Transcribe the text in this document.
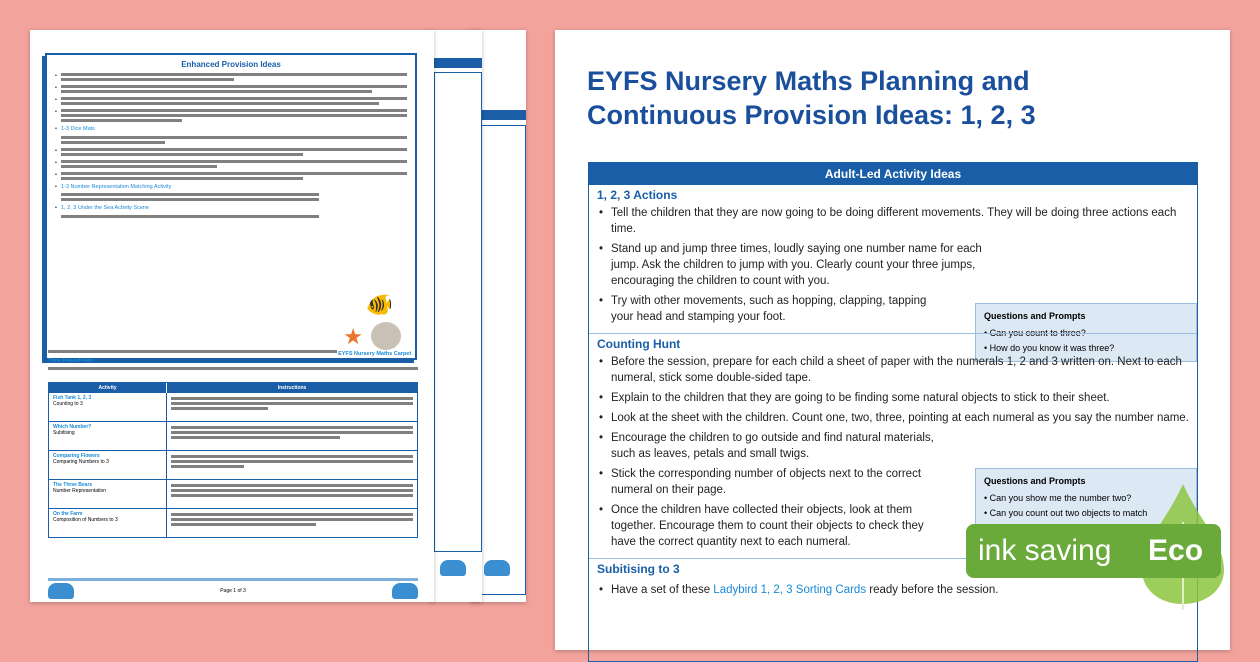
Enhanced Provision Ideas
•
•
•
•
• 1-3 Dice Mats
•
•
•
• 1-3 Number Representation Matching Activity
• 1, 2, 3 Under the Sea Activity Scene
🐠
★
EYFS Nursery Maths Carpet Time PowerPoint
Activity	Instructions
Fish Tank 1, 2, 3
Counting to 3
Which Number?
Subitising
Comparing Flowers
Comparing Numbers to 3
The Three Bears
Number Representation
On the Farm
Composition of Numbers to 3
Page 1 of 3
EYFS Nursery Maths Planning and
Continuous Provision Ideas: 1, 2, 3
Adult-Led Activity Ideas
1, 2, 3 Actions
• Tell the children that they are now going to be doing different movements. They will be doing three actions each time.
• Stand up and jump three times, loudly saying one number name for each jump. Ask the children to jump with you. Clearly count your three jumps, encouraging the children to count with you.
• Try with other movements, such as hopping, clapping, tapping your head and stamping your foot.	Questions and Prompts
• Can you count to three?
• How do you know it was three?
Counting Hunt
• Before the session, prepare for each child a sheet of paper with the numerals 1, 2 and 3 written on. Next to each numeral, stick some double-sided tape.
• Explain to the children that they are going to be finding some natural objects to stick to their sheet.
• Look at the sheet with the children. Count one, two, three, pointing at each numeral as you say the number name.
• Encourage the children to go outside and find natural materials, such as leaves, petals and small twigs.
• Stick the corresponding number of objects next to the correct numeral on their page.
• Once the children have collected their objects, look at them together. Encourage them to count their objects to check they have the correct quantity next to each numeral.
Questions and Prompts
• Can you show me the number two?
• Can you count out two objects to match
Subitising to 3
• Have a set of these Ladybird 1, 2, 3 Sorting Cards ready before the session.
ink saving Eco
